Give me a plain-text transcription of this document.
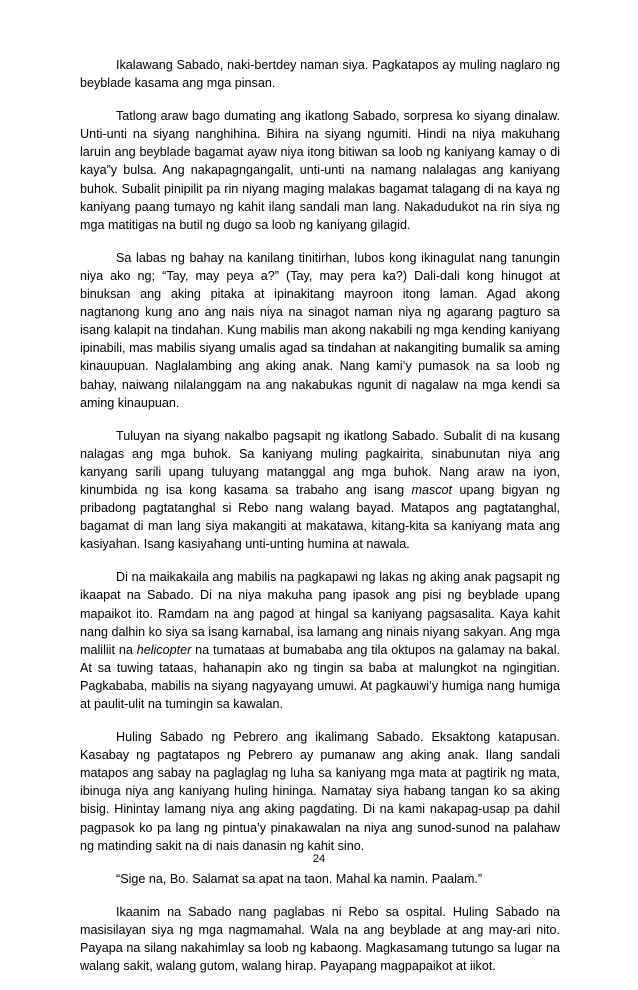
Ikalawang Sabado, naki-bertdey naman siya. Pagkatapos ay muling naglaro ng beyblade kasama ang mga pinsan.

Tatlong araw bago dumating ang ikatlong Sabado, sorpresa ko siyang dinalaw. Unti-unti na siyang nanghihina. Bihira na siyang ngumiti. Hindi na niya makuhang laruin ang beyblade bagamat ayaw niya itong bitiwan sa loob ng kaniyang kamay o di kaya”y bulsa. Ang nakapagngangalit, unti-unti na namang nalalagas ang kaniyang buhok. Subalit pinipilit pa rin niyang maging malakas bagamat talagang di na kaya ng kaniyang paang tumayo ng kahit ilang sandali man lang. Nakadudukot na rin siya ng mga matitigas na butil ng dugo sa loob ng kaniyang gilagid.

Sa labas ng bahay na kanilang tinitirhan, lubos kong ikinagulat nang tanungin niya ako ng; “Tay, may peya a?” (Tay, may pera ka?) Dali-dali kong hinugot at binuksan ang aking pitaka at ipinakitang mayroon itong laman. Agad akong nagtanong kung ano ang nais niya na sinagot naman niya ng agarang pagturo sa isang kalapit na tindahan. Kung mabilis man akong nakabili ng mga kending kaniyang ipinabili, mas mabilis siyang umalis agad sa tindahan at nakangiting bumalik sa aming kinauupuan. Naglalambing ang aking anak. Nang kami’y pumasok na sa loob ng bahay, naiwang nilalanggam na ang nakabukas ngunit di nagalaw na mga kendi sa aming kinaupuan.

Tuluyan na siyang nakalbo pagsapit ng ikatlong Sabado. Subalit di na kusang nalagas ang mga buhok. Sa kaniyang muling pagkairita, sinabunutan niya ang kanyang sarili upang tuluyang matanggal ang mga buhok. Nang araw na iyon, kinumbida ng isa kong kasama sa trabaho ang isang mascot upang bigyan ng pribadong pagtatanghal si Rebo nang walang bayad. Matapos ang pagtatanghal, bagamat di man lang siya makangiti at makatawa, kitang-kita sa kaniyang mata ang kasiyahan. Isang kasiyahang unti-unting humina at nawala.

Di na maikakaila ang mabilis na pagkapawi ng lakas ng aking anak pagsapit ng ikaapat na Sabado. Di na niya makuha pang ipasok ang pisi ng beyblade upang mapaikot ito. Ramdam na ang pagod at hingal sa kaniyang pagsasalita. Kaya kahit nang dalhin ko siya sa isang karnabal, isa lamang ang ninais niyang sakyan. Ang mga maliliit na helicopter na tumataas at bumababa ang tila oktupos na galamay na bakal. At sa tuwing tataas, hahanapin ako ng tingin sa baba at malungkot na ngingitian. Pagkababa, mabilis na siyang nagyayang umuwi. At pagkauwi’y humiga nang humiga at paulit-ulit na tumingin sa kawalan.

Huling Sabado ng Pebrero ang ikalimang Sabado. Eksaktong katapusan. Kasabay ng pagtatapos ng Pebrero ay pumanaw ang aking anak. Ilang sandali matapos ang sabay na paglaglag ng luha sa kaniyang mga mata at pagtirik ng mata, ibinuga niya ang kaniyang huling hininga. Namatay siya habang tangan ko sa aking bisig. Hinintay lamang niya ang aking pagdating. Di na kami nakapag-usap pa dahil pagpasok ko pa lang ng pintua’y pinakawalan na niya ang sunod-sunod na palahaw ng matinding sakit na di nais danasin ng kahit sino.

“Sige na, Bo. Salamat sa apat na taon. Mahal ka namin. Paalam.”

Ikaanim na Sabado nang paglabas ni Rebo sa ospital. Huling Sabado na masisilayan siya ng mga nagmamahal. Wala na ang beyblade at ang may-ari nito. Payapa na silang nakahimlay sa loob ng kabaong. Magkasamang tutungo sa lugar na walang sakit, walang gutom, walang hirap. Payapang magpapaikot at iikot.

24
